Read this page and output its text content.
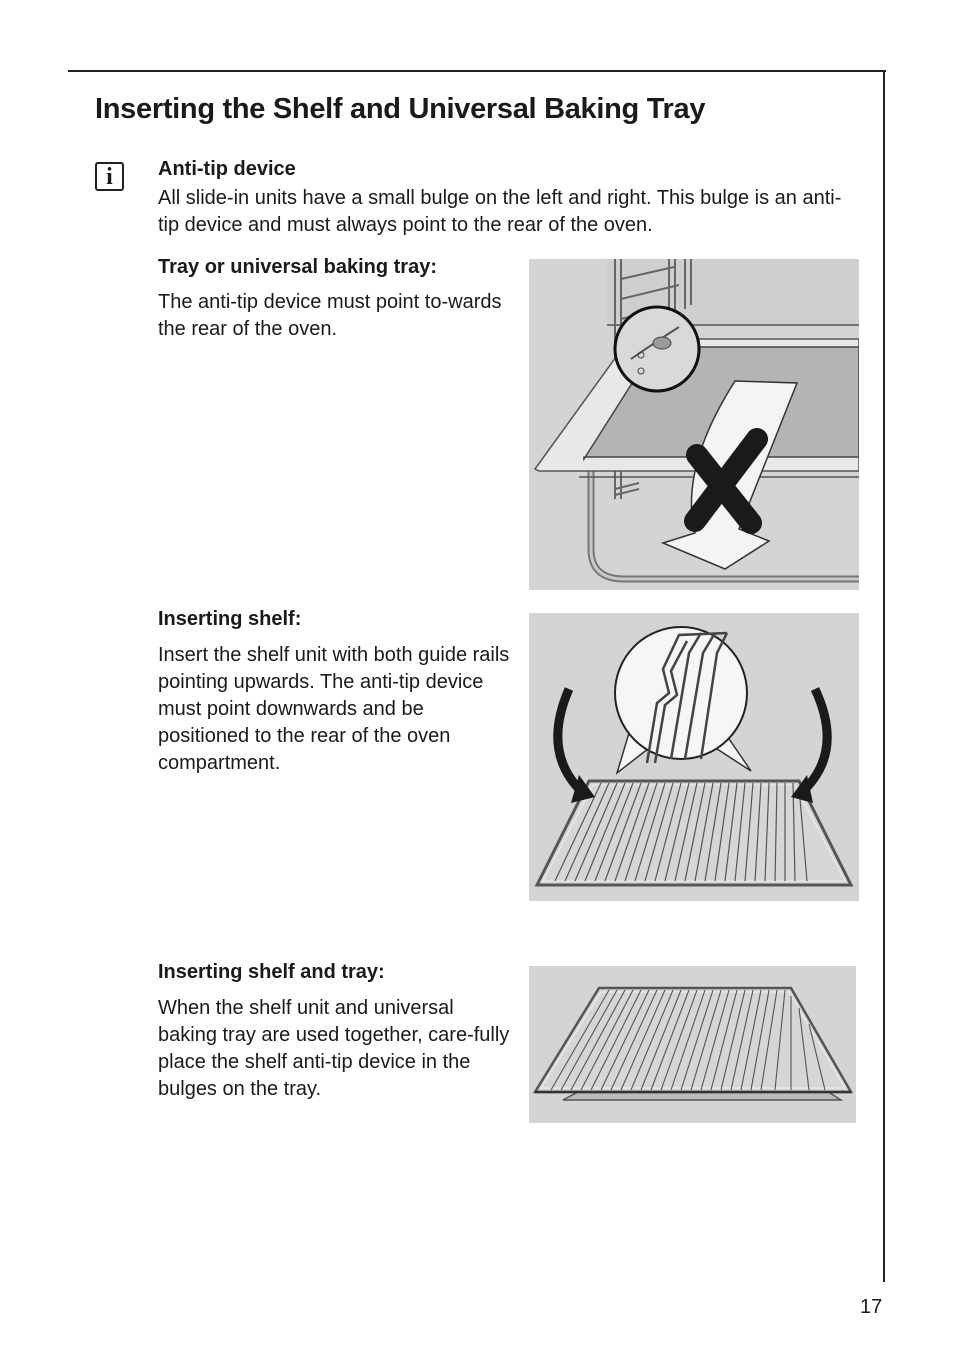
Inserting the Shelf and Universal Baking Tray
i	Anti-tip device
All slide-in units have a small bulge on the left and right. This bulge is an anti-tip device and must always point to the rear of the oven.
Tray or universal baking tray:
The anti-tip device must point to-wards the rear of the oven.
Inserting shelf:
Insert the shelf unit with both guide rails pointing upwards. The anti-tip device must point downwards and be positioned to the rear of the oven compartment.
Inserting shelf and tray:
When the shelf unit and universal baking tray are used together, care-fully place the shelf anti-tip device in the bulges on the tray.
17
